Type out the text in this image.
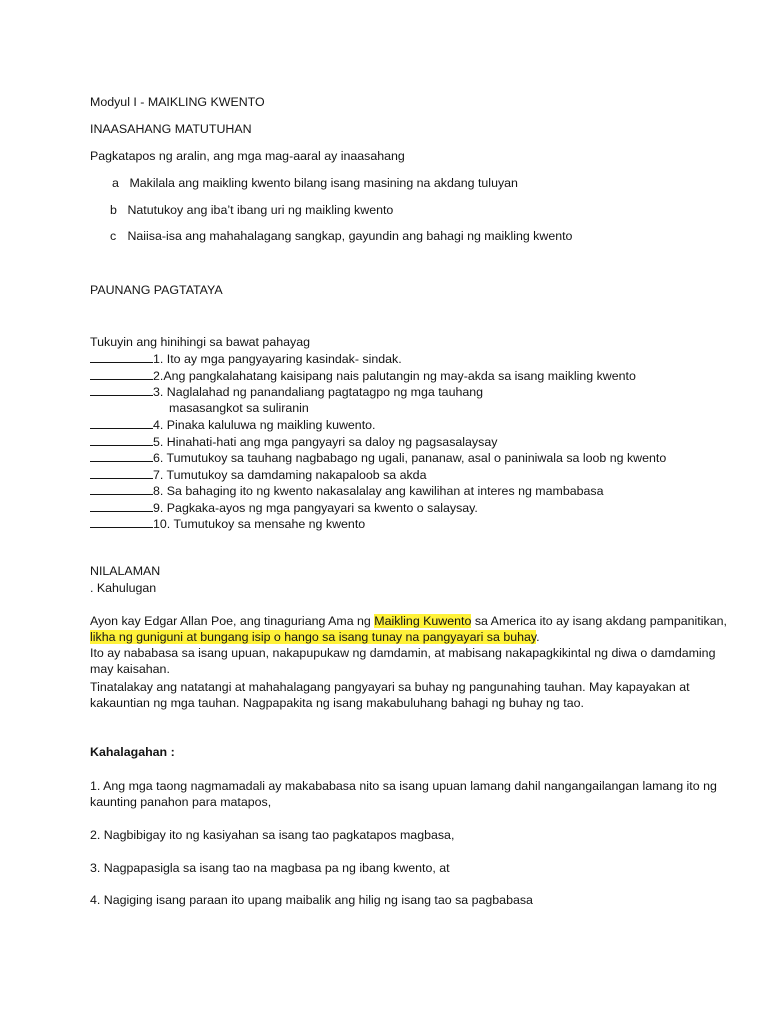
Modyul I - MAIKLING KWENTO
INAASAHANG MATUTUHAN
Pagkatapos ng aralin, ang mga mag-aaral ay inaasahang
a Makilala ang maikling kwento bilang isang masining na akdang tuluyan
b Natutukoy ang iba’t ibang uri ng maikling kwento
c Naiisa-isa ang mahahalagang sangkap, gayundin ang bahagi ng maikling kwento
PAUNANG PAGTATAYA
Tukuyin ang hinihingi sa bawat pahayag
1. Ito ay mga pangyayaring kasindak- sindak.
2.Ang pangkalahatang kaisipang nais palutangin ng may-akda sa isang maikling kwento
3. Naglalahad ng panandaliang pagtatagpo ng mga tauhang
masasangkot sa suliranin
4. Pinaka kaluluwa ng maikling kuwento.
5. Hinahati-hati ang mga pangyayri sa daloy ng pagsasalaysay
6. Tumutukoy sa tauhang nagbabago ng ugali, pananaw, asal o paniniwala sa loob ng kwento
7. Tumutukoy sa damdaming nakapaloob sa akda
8. Sa bahaging ito ng kwento nakasalalay ang kawilihan at interes ng mambabasa
9. Pagkaka-ayos ng mga pangyayari sa kwento o salaysay.
10. Tumutukoy sa mensahe ng kwento
NILALAMAN
. Kahulugan
Ayon kay Edgar Allan Poe, ang tinaguriang Ama ng Maikling Kuwento sa America ito ay isang akdang pampanitikan,
likha ng guniguni at bungang isip o hango sa isang tunay na pangyayari sa buhay.
Ito ay nababasa sa isang upuan, nakapupukaw ng damdamin, at mabisang nakapagkikintal ng diwa o damdaming
may kaisahan.
Tinatalakay ang natatangi at mahahalagang pangyayari sa buhay ng pangunahing tauhan. May kapayakan at
kakauntian ng mga tauhan. Nagpapakita ng isang makabuluhang bahagi ng buhay ng tao.
Kahalagahan :
1. Ang mga taong nagmamadali ay makababasa nito sa isang upuan lamang dahil nangangailangan lamang ito ng
kaunting panahon para matapos,
2. Nagbibigay ito ng kasiyahan sa isang tao pagkatapos magbasa,
3. Nagpapasigla sa isang tao na magbasa pa ng ibang kwento, at
4. Nagiging isang paraan ito upang maibalik ang hilig ng isang tao sa pagbabasa
